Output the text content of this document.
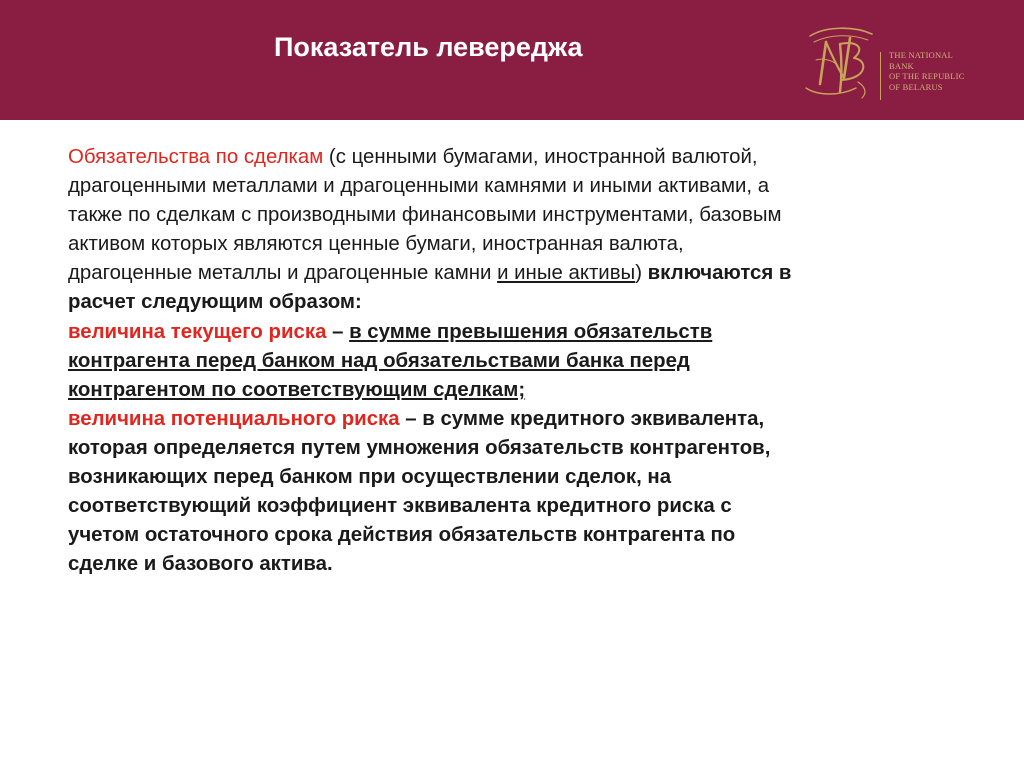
Показатель левереджа	THE NATIONAL
BANK
OF THE REPUBLIC
OF BELARUS
Обязательства по сделкам (с ценными бумагами, иностранной валютой,
драгоценными металлами и драгоценными камнями и иными активами, а
также по сделкам с производными финансовыми инструментами, базовым
активом которых являются ценные бумаги, иностранная валюта,
драгоценные металлы и драгоценные камни и иные активы) включаются в
расчет следующим образом:
величина текущего риска – в сумме превышения обязательств
контрагента перед банком над обязательствами банка перед
контрагентом по соответствующим сделкам;
величина потенциального риска – в сумме кредитного эквивалента,
которая определяется путем умножения обязательств контрагентов,
возникающих перед банком при осуществлении сделок, на
соответствующий коэффициент эквивалента кредитного риска с
учетом остаточного срока действия обязательств контрагента по
сделке и базового актива.
